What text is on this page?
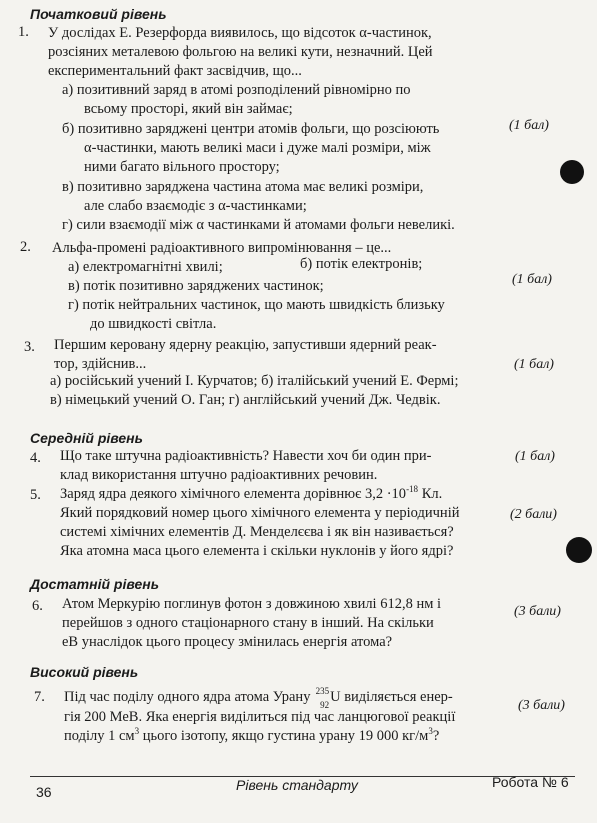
Початковий рівень
1. У дослідах Е. Резерфорда виявилось, що відсоток α-частинок,
розсіяних металевою фольгою на великі кути, незначний. Цей
експериментальний факт засвідчив, що...
а) позитивний заряд в атомі розподілений рівномірно по
всьому просторі, який він займає;
б) позитивно заряджені центри атомів фольги, що розсіюють
α-частинки, мають великі маси і дуже малі розміри, між
ними багато вільного простору;
в) позитивно заряджена частина атома має великі розміри,
але слабо взаємодіє з α-частинками;
г) сили взаємодії між α частинками й атомами фольги невеликі.
(1 бал)
2. Альфа-промені радіоактивного випромінювання – це...
а) електромагнітні хвилі;	б) потік електронів;
в) потік позитивно заряджених частинок;
г) потік нейтральних частинок, що мають швидкість близьку
до швидкості світла.
(1 бал)
3. Першим керовану ядерну реакцію, запустивши ядерний реак-
тор, здійснив...
а) російський учений І. Курчатов; б) італійський учений Е. Фермі;
в) німецький учений О. Ган; г) англійський учений Дж. Чедвік.
(1 бал)
Середній рівень
4. Що таке штучна радіоактивність? Навести хоч би один при-
клад використання штучно радіоактивних речовин.
(1 бал)
5. Заряд ядра деякого хімічного елемента дорівнює $3,2 \cdot 10^{-18}$ Кл.
Який порядковий номер цього хімічного елемента у періодичній
системі хімічних елементів Д. Менделєєва і як він називається?
Яка атомна маса цього елемента і скільки нуклонів у його ядрі?
(2 бали)
Достатній рівень
6. Атом Меркурію поглинув фотон з довжиною хвилі 612,8 нм і
перейшов з одного стаціонарного стану в інший. На скільки
еВ унаслідок цього процесу змінилась енергія атома?
(3 бали)
Високий рівень
7. Під час поділу одного ядра атома Урану 235
92 U виділяється енер-
гія 200 МеВ. Яка енергія виділиться під час ланцюгової реакції
поділу 1 $см^3$ цього ізотопу, якщо густина урану 19 000 $кг/м^3$?
(3 бали)
36	Рівень стандарту	Робота № 6
